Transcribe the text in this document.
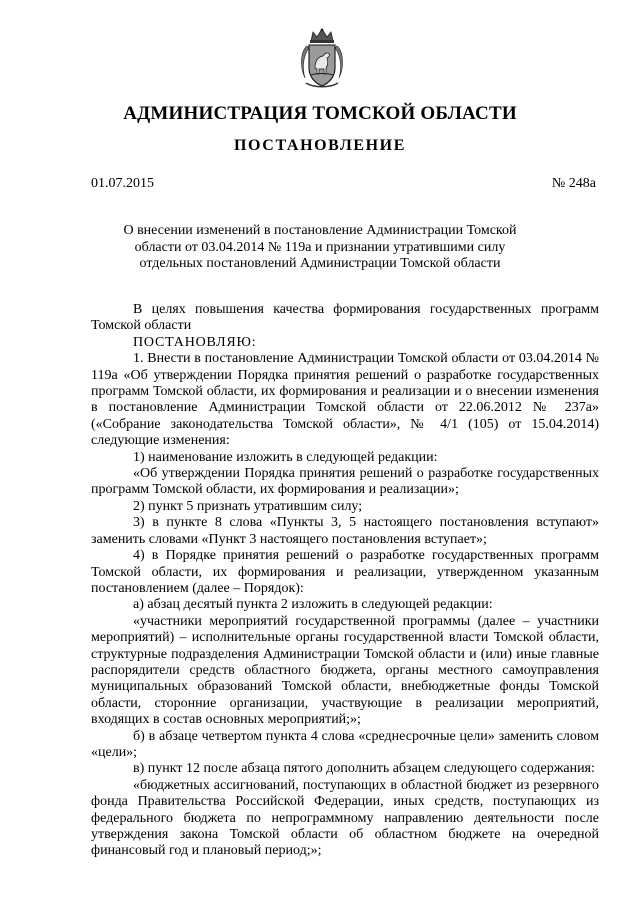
АДМИНИСТРАЦИЯ ТОМСКОЙ ОБЛАСТИ
ПОСТАНОВЛЕНИЕ
01.07.2015	№ 248а
О внесении изменений в постановление Администрации Томской области от 03.04.2014 № 119а и признании утратившими силу отдельных постановлений Администрации Томской области

В целях повышения качества формирования государственных программ Томской области

ПОСТАНОВЛЯЮ:

1. Внести в постановление Администрации Томской области от 03.04.2014 № 119а «Об утверждении Порядка принятия решений о разработке государственных программ Томской области, их формирования и реализации и о внесении изменения в постановление Администрации Томской области от 22.06.2012 № 237а» («Собрание законодательства Томской области», № 4/1 (105) от 15.04.2014) следующие изменения:

1) наименование изложить в следующей редакции:

«Об утверждении Порядка принятия решений о разработке государственных программ Томской области, их формирования и реализации»;

2) пункт 5 признать утратившим силу;

3) в пункте 8 слова «Пункты 3, 5 настоящего постановления вступают» заменить словами «Пункт 3 настоящего постановления вступает»;

4) в Порядке принятия решений о разработке государственных программ Томской области, их формирования и реализации, утвержденном указанным постановлением (далее – Порядок):

а) абзац десятый пункта 2 изложить в следующей редакции:

«участники мероприятий государственной программы (далее – участники мероприятий) – исполнительные органы государственной власти Томской области, структурные подразделения Администрации Томской области и (или) иные главные распорядители средств областного бюджета, органы местного самоуправления муниципальных образований Томской области, внебюджетные фонды Томской области, сторонние организации, участвующие в реализации мероприятий, входящих в состав основных мероприятий;»;

б) в абзаце четвертом пункта 4 слова «среднесрочные цели» заменить словом «цели»;

в) пункт 12 после абзаца пятого дополнить абзацем следующего содержания:

«бюджетных ассигнований, поступающих в областной бюджет из резервного фонда Правительства Российской Федерации, иных средств, поступающих из федерального бюджета по непрограммному направлению деятельности после утверждения закона Томской области об областном бюджете на очередной финансовый год и плановый период;»;
